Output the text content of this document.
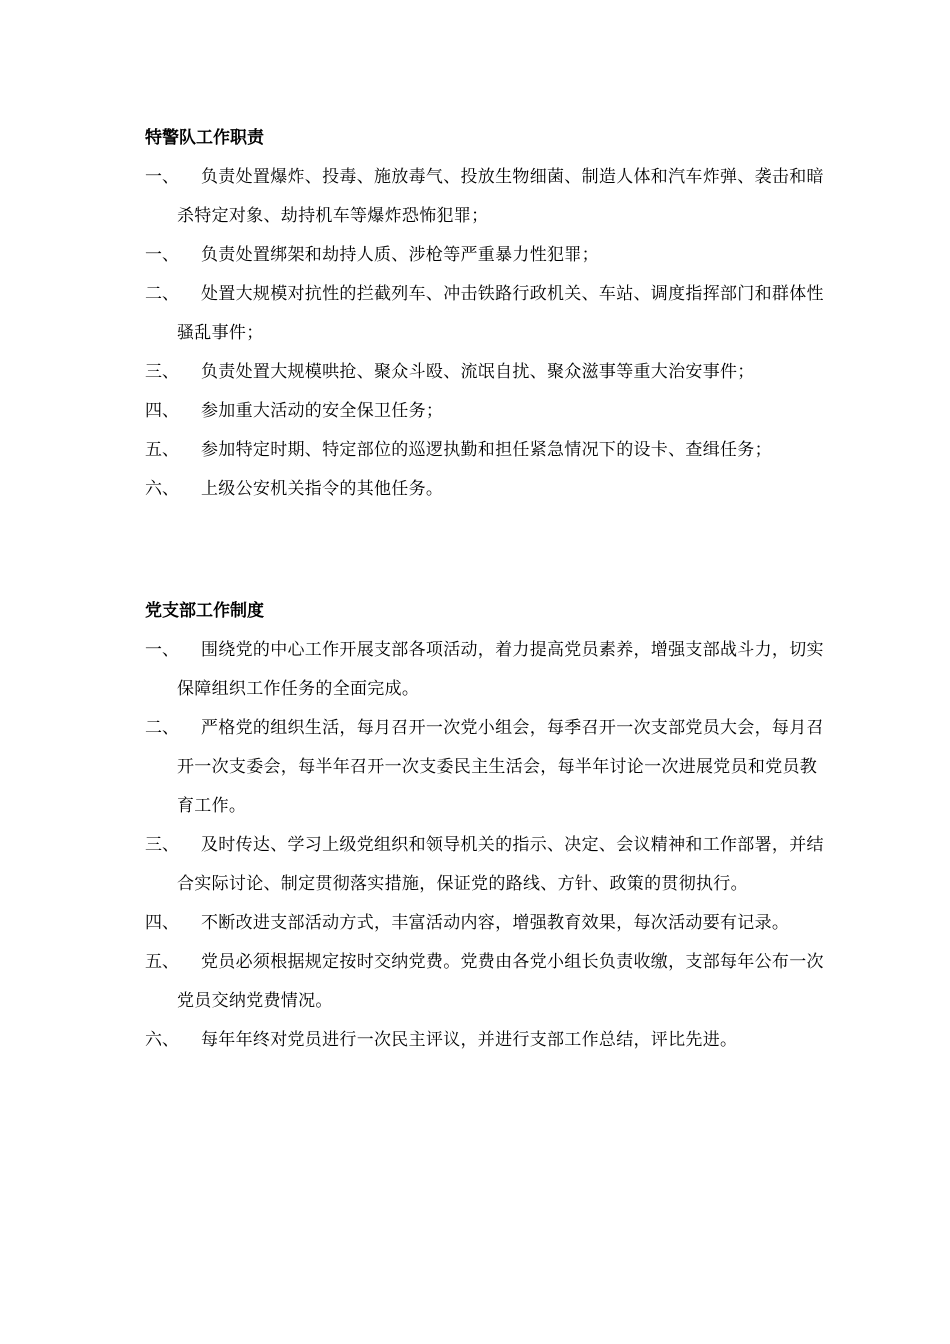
特警队工作职责

一、	负责处置爆炸、投毒、施放毒气、投放生物细菌、制造人体和汽车炸弹、袭击和暗杀特定对象、劫持机车等爆炸恐怖犯罪；

一、	负责处置绑架和劫持人质、涉枪等严重暴力性犯罪；

二、	处置大规模对抗性的拦截列车、冲击铁路行政机关、车站、调度指挥部门和群体性骚乱事件；

三、	负责处置大规模哄抢、聚众斗殴、流氓自扰、聚众滋事等重大治安事件；

四、	参加重大活动的安全保卫任务；

五、	参加特定时期、特定部位的巡逻执勤和担任紧急情况下的设卡、查缉任务；

六、	上级公安机关指令的其他任务。

党支部工作制度

一、	围绕党的中心工作开展支部各项活动，着力提高党员素养，增强支部战斗力，切实保障组织工作任务的全面完成。

二、	严格党的组织生活，每月召开一次党小组会，每季召开一次支部党员大会，每月召开一次支委会，每半年召开一次支委民主生活会，每半年讨论一次进展党员和党员教育工作。

三、	及时传达、学习上级党组织和领导机关的指示、决定、会议精神和工作部署，并结合实际讨论、制定贯彻落实措施，保证党的路线、方针、政策的贯彻执行。

四、	不断改进支部活动方式，丰富活动内容，增强教育效果，每次活动要有记录。

五、	党员必须根据规定按时交纳党费。党费由各党小组长负责收缴，支部每年公布一次党员交纳党费情况。

六、	每年年终对党员进行一次民主评议，并进行支部工作总结，评比先进。
